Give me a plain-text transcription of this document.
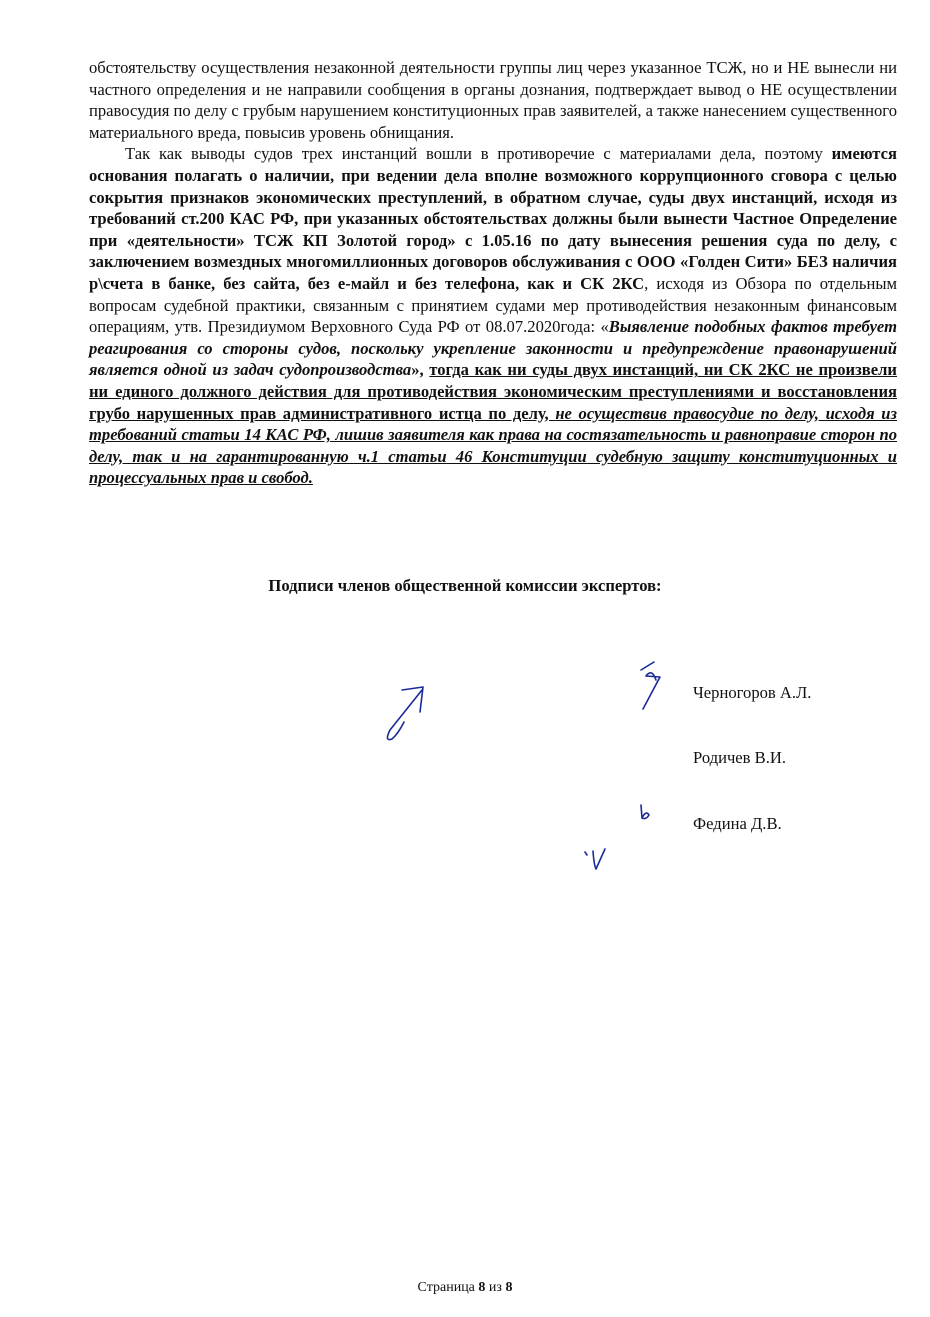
обстоятельству осуществления незаконной деятельности группы лиц через указанное ТСЖ, но и НЕ вынесли ни частного определения и не направили сообщения в органы дознания, подтверждает вывод о НЕ осуществлении правосудия по делу с грубым нарушением конституционных прав заявителей, а также нанесением существенного материального вреда, повысив уровень обнищания.

Так как выводы судов трех инстанций вошли в противоречие с материалами дела, поэтому имеются основания полагать о наличии, при ведении дела вполне возможного коррупционного сговора с целью сокрытия признаков экономических преступлений, в обратном случае, суды двух инстанций, исходя из требований ст.200 КАС РФ, при указанных обстоятельствах должны были вынести Частное Определение при «деятельности» ТСЖ КП Золотой город» с 1.05.16 по дату вынесения решения суда по делу, с заключением возмездных многомиллионных договоров обслуживания с ООО «Голден Сити» БЕЗ наличия р\счета в банке, без сайта, без е-майл и без телефона, как и СК 2КС, исходя из Обзора по отдельным вопросам судебной практики, связанным с принятием судами мер противодействия незаконным финансовым операциям, утв. Президиумом Верховного Суда РФ от 08.07.2020года: «Выявление подобных фактов требует реагирования со стороны судов, поскольку укрепление законности и предупреждение правонарушений является одной из задач судопроизводства», тогда как ни суды двух инстанций, ни СК 2КС не произвели ни единого должного действия для противодействия экономическим преступлениями и восстановления грубо нарушенных прав административного истца по делу, не осуществив правосудие по делу, исходя из требований статьи 14 КАС РФ, лишив заявителя как права на состязательность и равноправие сторон по делу, так и на гарантированную ч.1 статьи 46 Конституции судебную защиту конституционных и процессуальных прав и свобод.

Подписи членов общественной комиссии экспертов:
Черногоров А.Л.
Родичев В.И.
Федина Д.В.
Страница 8 из 8
